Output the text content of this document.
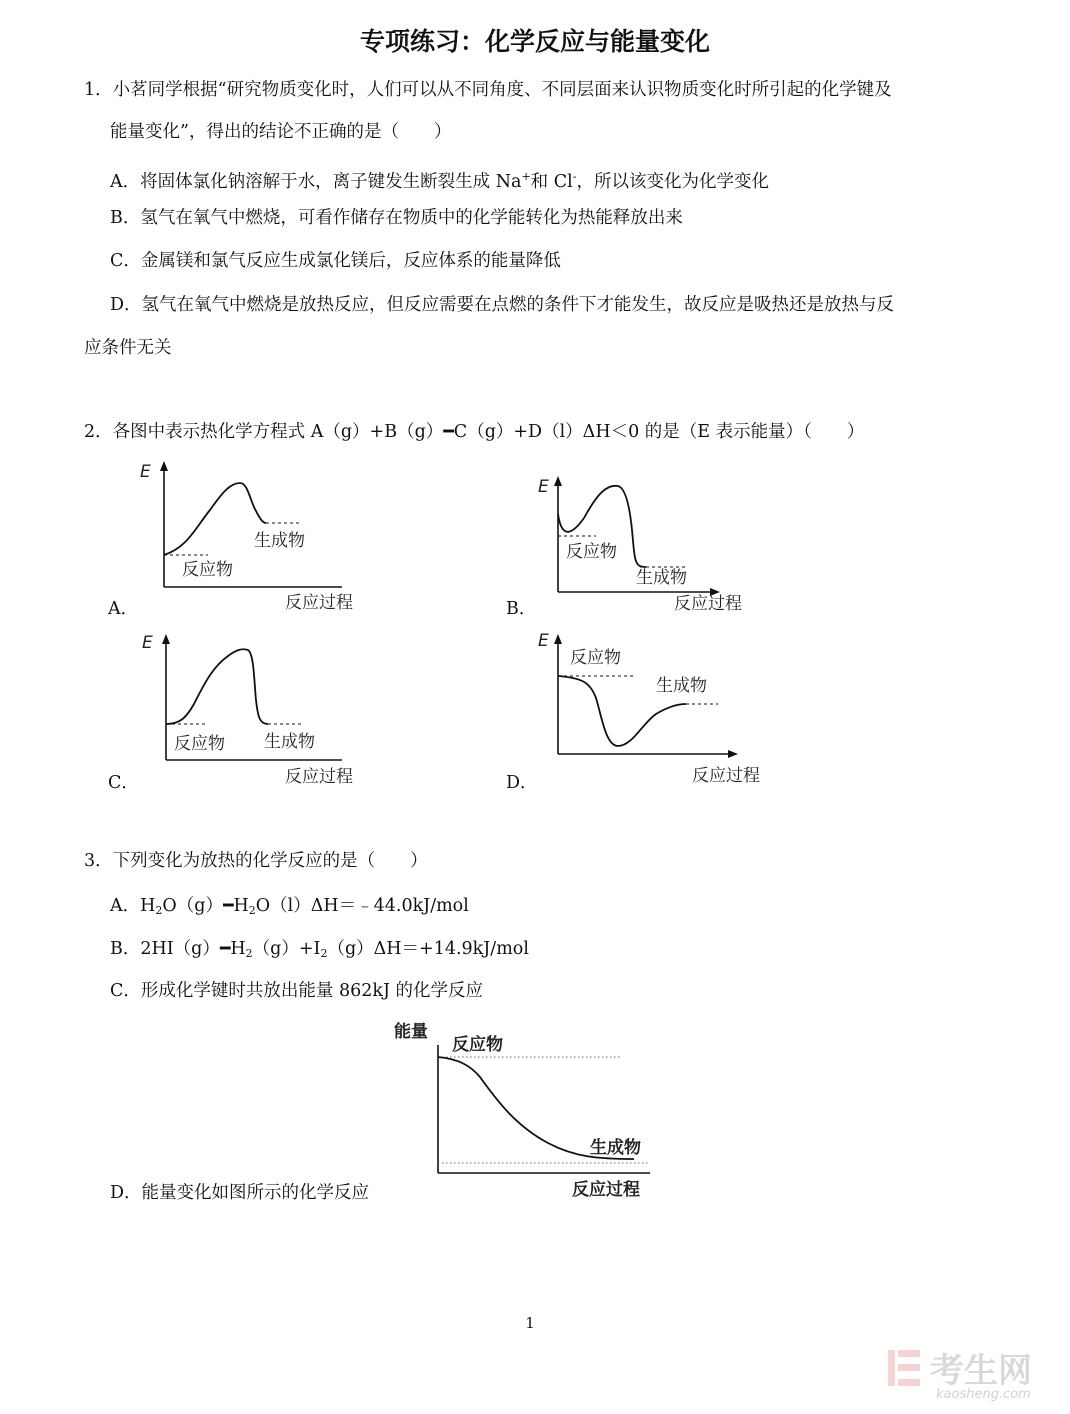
专项练习：化学反应与能量变化
1．小茗同学根据“研究物质变化时，人们可以从不同角度、不同层面来认识物质变化时所引起的化学键及
能量变化”，得出的结论不正确的是（　　）
A．将固体氯化钠溶解于水，离子键发生断裂生成 Na+和 Cl-，所以该变化为化学变化
B．氢气在氧气中燃烧，可看作储存在物质中的化学能转化为热能释放出来
C．金属镁和氯气反应生成氯化镁后，反应体系的能量降低
D．氢气在氧气中燃烧是放热反应，但反应需要在点燃的条件下才能发生，故反应是吸热还是放热与反
应条件无关
2．各图中表示热化学方程式 A（g）+B（g）━C（g）+D（l）ΔH＜0 的是（E 表示能量）（　　）
E
反应物
生成物
反应过程
A．
E
反应物
生成物
反应过程
B．
E
反应物 生成物
反应过程
C．
E
反应物
生成物
反应过程
D．
3．下列变化为放热的化学反应的是（　　）
A．$H_2O(g)━H_2O(l)\Delta H=﹣44.0kJ$/mol
B．$2HI(g)━H_2(g)+I_2(g)\Delta H=+14.9kJ$/mol
C．形成化学键时共放出能量 862kJ 的化学反应
能量
反应物
生成物
反应过程
D．能量变化如图所示的化学反应
1
考生网
kaosheng.com
